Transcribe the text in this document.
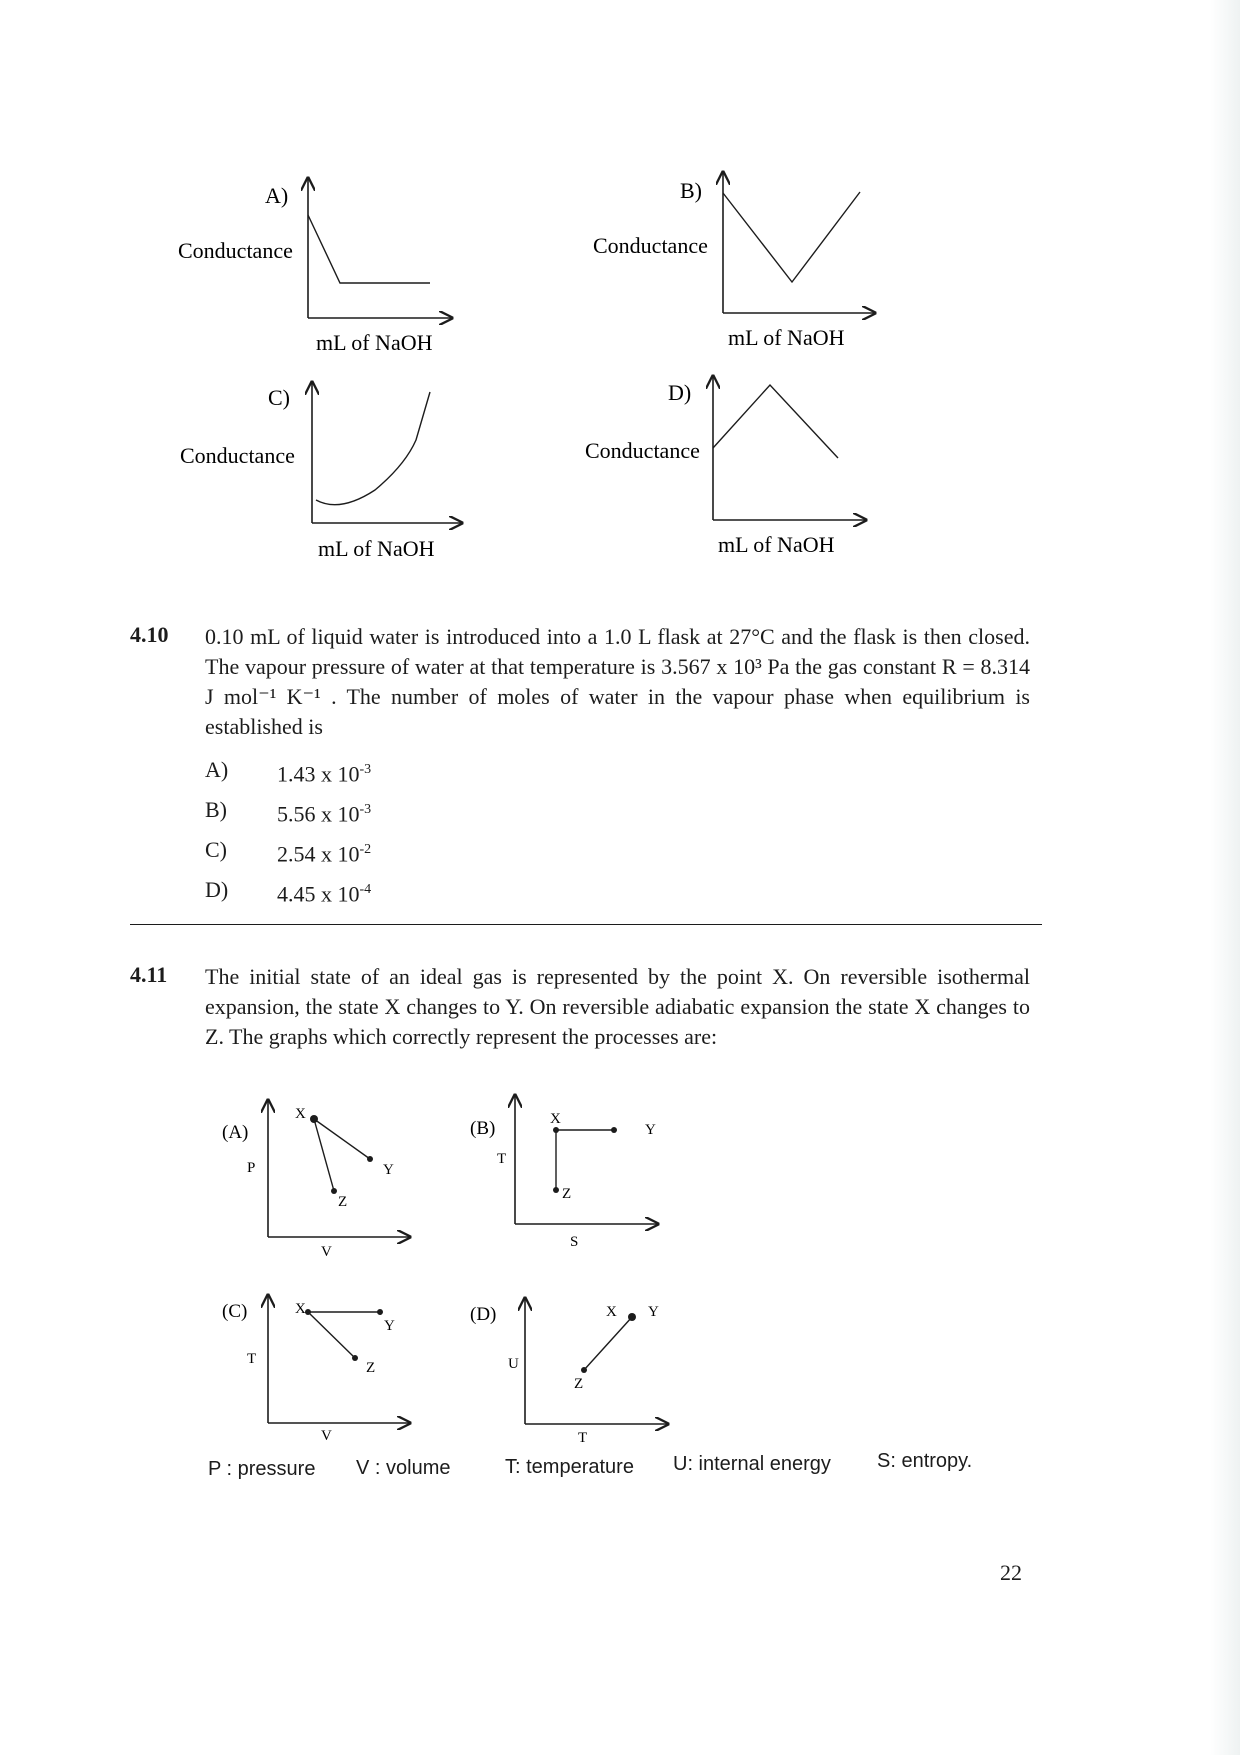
A)
Conductance
mL of NaOH
B)
Conductance
mL of NaOH
C)
Conductance
mL of NaOH
D)
Conductance
mL of NaOH
4.10 0.10 mL of liquid water is introduced into a 1.0 L flask at 27°C and the flask is then closed. The vapour pressure of water at that temperature is 3.567 x 10³ Pa the gas constant R = 8.314 J mol⁻¹ K⁻¹ . The number of moles of water in the vapour phase when equilibrium is established is
A) 1.43 x $10^{-3}$
B) 5.56 x $10^{-3}$
C) 2.54 x $10^{-2}$
D) 4.45 x $10^{-4}$
4.11 The initial state of an ideal gas is represented by the point X. On reversible isothermal expansion, the state X changes to Y. On reversible adiabatic expansion the state X changes to Z. The graphs which correctly represent the processes are:
(A)
X
Y
Z
P
V
(B)	X
Y
Z
T
S
(C)	X
Y
Z
T
V
(D)	X Y
Z
U
T
P : pressure V : volume	T: temperature U: internal energy S: entropy.
22
